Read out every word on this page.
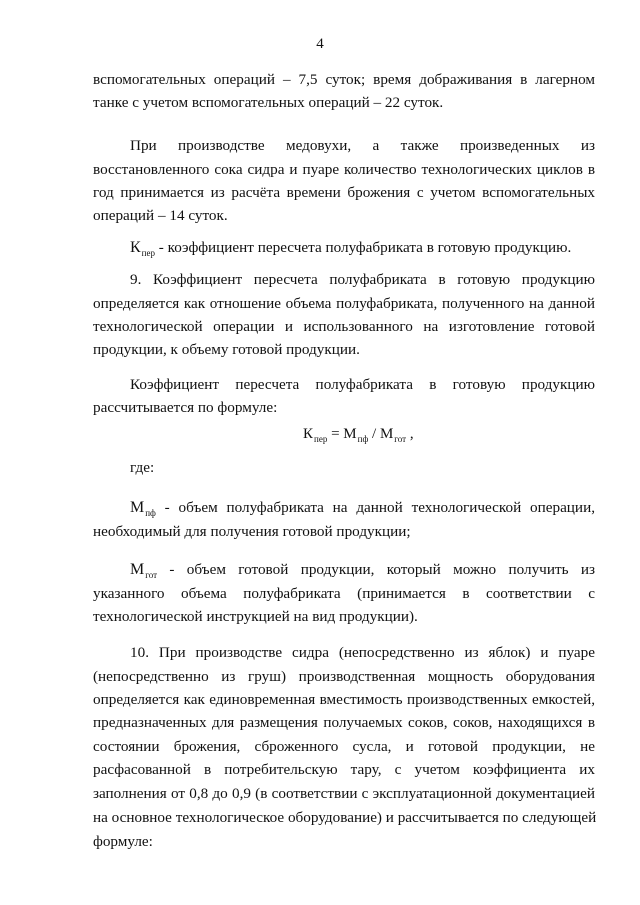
4
вспомогательных операций – 7,5 суток; время дображивания в лагерном
танке с учетом вспомогательных операций – 22 суток.
При производстве медовухи, а также произведенных из
восстановленного сока сидра и пуаре количество технологических циклов в
год принимается из расчёта времени брожения с учетом вспомогательных
операций – 14 суток.
$К_{пер}$ - коэффициент пересчета полуфабриката в готовую продукцию.
9. Коэффициент пересчета полуфабриката в готовую продукцию
определяется как отношение объема полуфабриката, полученного на данной
технологической операции и использованного на изготовление готовой
продукции, к объему готовой продукции.
Коэффициент пересчета полуфабриката в готовую продукцию
рассчитывается по формуле:
$К_{пер} = М_{пф} / М_{гот}$ ,
где:
$М_{пф}$ - объем полуфабриката на данной технологической операции,
необходимый для получения готовой продукции;
$М_{гот}$ - объем готовой продукции, который можно получить из
указанного объема полуфабриката (принимается в соответствии с
технологической инструкцией на вид продукции).
10. При производстве сидра (непосредственно из яблок) и пуаре
(непосредственно из груш) производственная мощность оборудования
определяется как единовременная вместимость производственных емкостей,
предназначенных для размещения получаемых соков, соков, находящихся в
состоянии брожения, сброженного сусла, и готовой продукции, не
расфасованной в потребительскую тару, с учетом коэффициента их
заполнения от 0,8 до 0,9 (в соответствии с эксплуатационной документацией
на основное технологическое оборудование) и рассчитывается по следующей
формуле:
